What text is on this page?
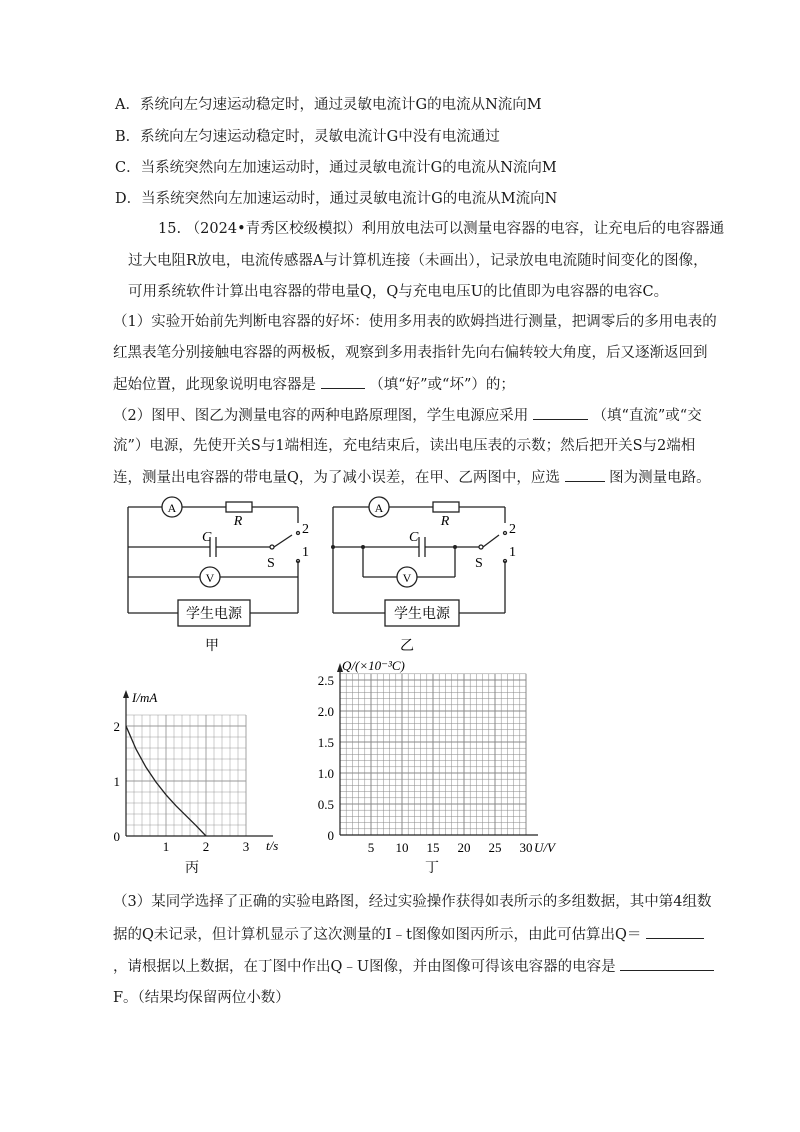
A．系统向左匀速运动稳定时，通过灵敏电流计G的电流从N流向M
B．系统向左匀速运动稳定时，灵敏电流计G中没有电流通过
C．当系统突然向左加速运动时，通过灵敏电流计G的电流从N流向M
D．当系统突然向左加速运动时，通过灵敏电流计G的电流从M流向N
15. （2024•青秀区校级模拟）利用放电法可以测量电容器的电容，让充电后的电容器通
过大电阻R放电，电流传感器A与计算机连接（未画出），记录放电电流随时间变化的图像，
可用系统软件计算出电容器的带电量Q，Q与充电电压U的比值即为电容器的电容C。
（1）实验开始前先判断电容器的好坏：使用多用表的欧姆挡进行测量，把调零后的多用电表的
红黑表笔分别接触电容器的两极板，观察到多用表指针先向右偏转较大角度，后又逐渐返回到
起始位置，此现象说明电容器是	（填“好”或“坏”）的；
（2）图甲、图乙为测量电容的两种电路原理图，学生电源应采用	（填“直流”或“交
流”）电源，先使开关S与1端相连，充电结束后，读出电压表的示数；然后把开关S与2端相
连，测量出电容器的带电量Q，为了减小误差，在甲、乙两图中，应选	图为测量电路。
A
R
2
C
1
S
V
学生电源
甲
A
R
2
C
1
S
V
学生电源
乙
1	2	3
0
1
2
I/mA
t/s
丙
5 10 15 20 25 30
0
0.5
1.0
1.5
2.0
2.5
Q/(×10⁻³C)
U/V
丁
（3）某同学选择了正确的实验电路图，经过实验操作获得如表所示的多组数据，其中第4组数
据的Q未记录，但计算机显示了这次测量的I﹣t图像如图丙所示，由此可估算出Q＝
，请根据以上数据，在丁图中作出Q﹣U图像，并由图像可得该电容器的电容是
F。（结果均保留两位小数）
